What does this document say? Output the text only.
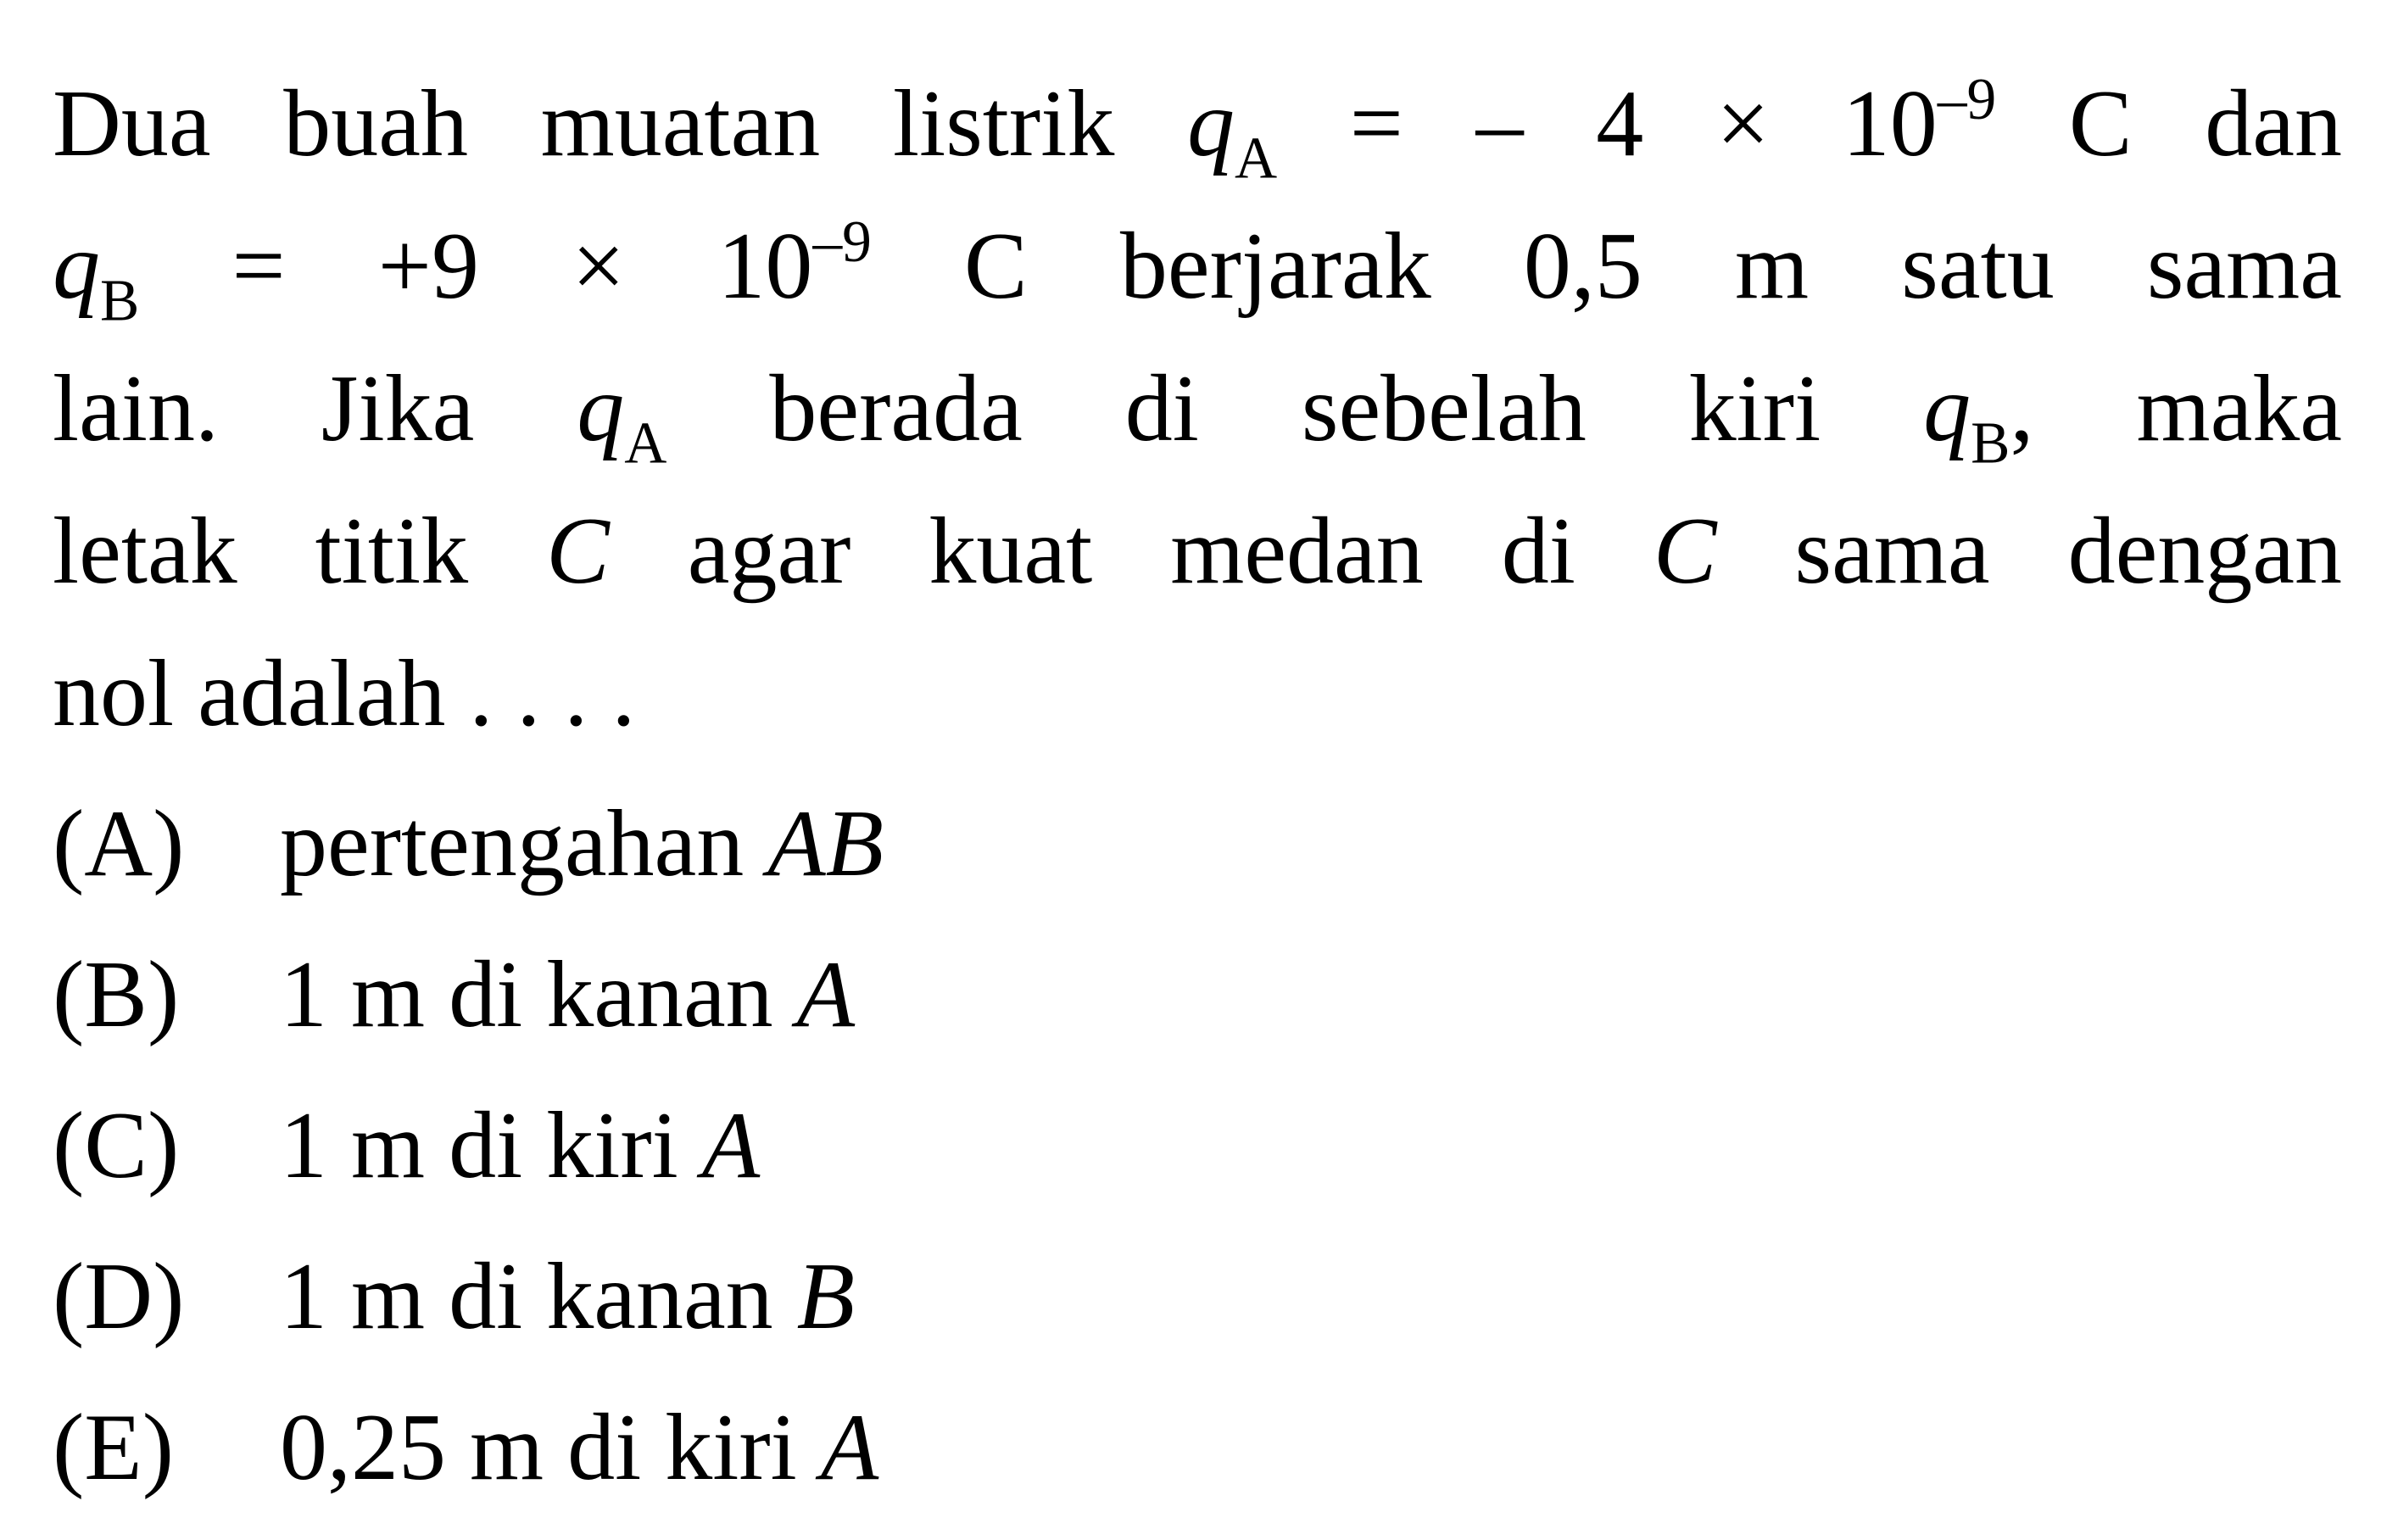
Dua buah muatan listrik $q_A$ = – $4 \times 10^{-9}$ C dan
$q_B = +9 \times 10^{-9}$ C berjarak 0,5 m satu sama
lain. Jika $q_A$ berada di sebelah kiri $q_B$, maka
letak titik C agar kuat medan di C sama dengan
nol adalah . . . .
(A)	pertengahan AB
(B)	1 m di kanan A
(C)	1 m di kiri A
(D)	1 m di kanan B
(E)	0,25 m di kiri A
